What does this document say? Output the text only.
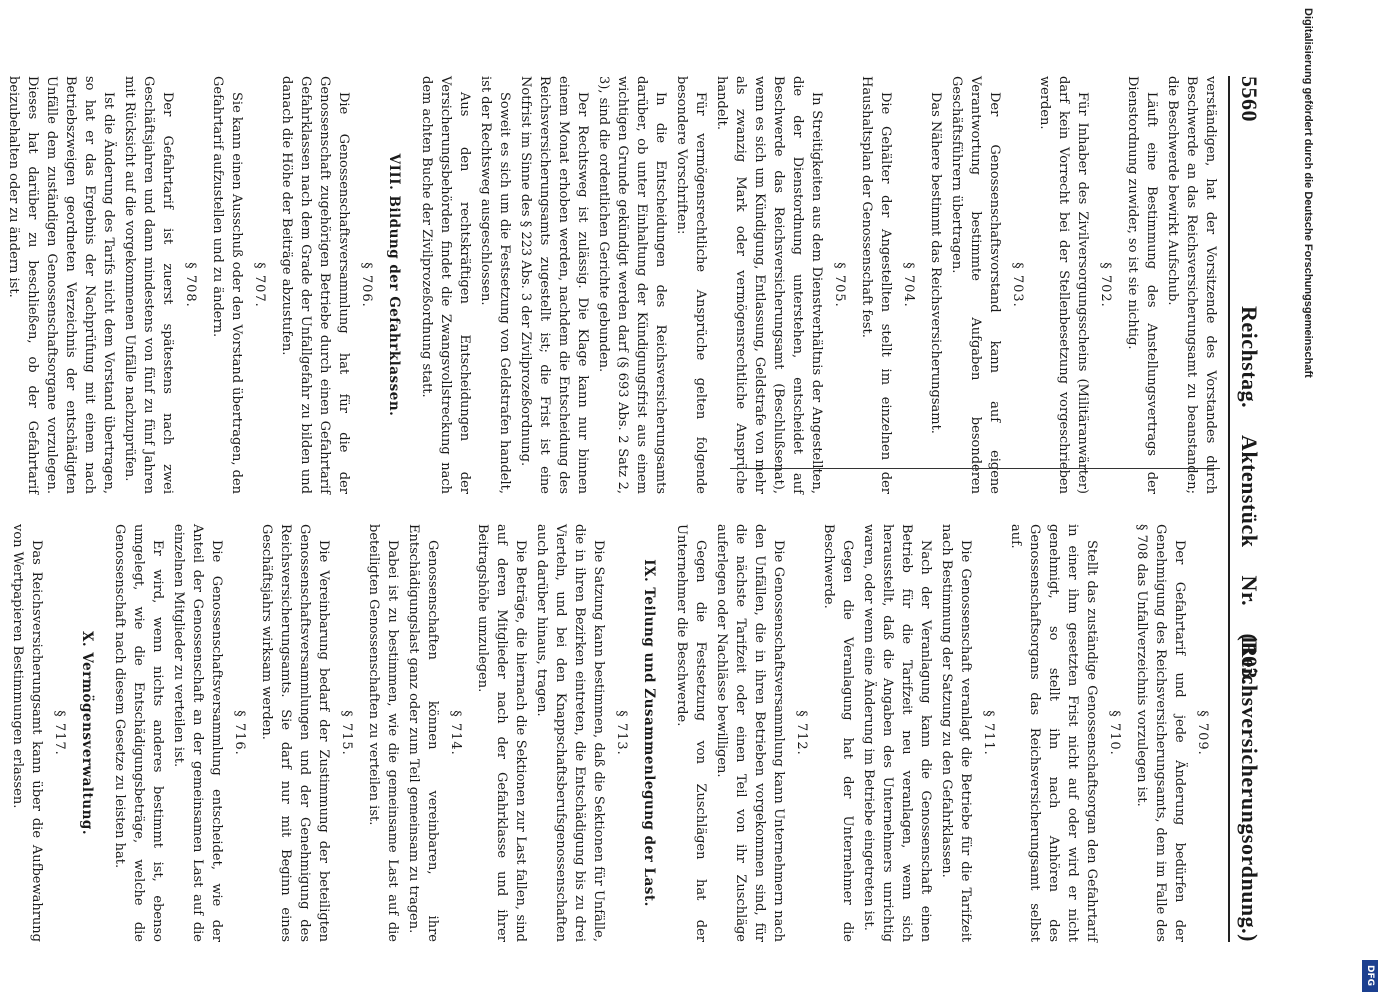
5560
Reichstag. Aktenstück Nr. 1103.
(Reichsversicherungsordnung.)

verständigen, hat der Vorsitzende des Vorstandes durch Beschwerde an das Reichsversicherungsamt zu beanstanden; die Beschwerde bewirkt Aufschub.

Läuft eine Bestimmung des Anstellungsvertrags der Dienstordnung zuwider, so ist sie nichtig.

§ 702.

Für Inhaber des Zivilversorgungsscheins (Militäranwärter) darf kein Vorrecht bei der Stellenbesetzung vorgeschrieben werden.

§ 703.

Der Genossenschaftsvorstand kann auf eigene Verantwortung bestimmte Aufgaben besonderen Geschäftsführern übertragen.

Das Nähere bestimmt das Reichsversicherungsamt.

§ 704.

Die Gehälter der Angestellten stellt im einzelnen der Haushaltsplan der Genossenschaft fest.

§ 705.

In Streitigkeiten aus dem Dienstverhältnis der Angestellten, die der Dienstordnung unterstehen, entscheidet auf Beschwerde das Reichsversicherungsamt (Beschlußsenat), wenn es sich um Kündigung, Entlassung, Geldstrafe von mehr als zwanzig Mark oder vermögensrechtliche Ansprüche handelt.

Für vermögensrechtliche Ansprüche gelten folgende besondere Vorschriften:

In die Entscheidungen des Reichsversicherungsamts darüber, ob unter Einhaltung der Kündigungsfrist aus einem wichtigen Grunde gekündigt werden darf (§ 693 Abs. 2 Satz 2, 3), sind die ordentlichen Gerichte gebunden.

Der Rechtsweg ist zulässig. Die Klage kann nur binnen einem Monat erhoben werden, nachdem die Entscheidung des Reichsversicherungsamts zugestellt ist; die Frist ist eine Notfrist im Sinne des § 223 Abs. 3 der Zivilprozeßordnung.

Soweit es sich um die Festsetzung von Geldstrafen handelt, ist der Rechtsweg ausgeschlossen.

Aus den rechtskräftigen Entscheidungen der Versicherungsbehörden findet die Zwangsvollstreckung nach dem achten Buche der Zivilprozeßordnung statt.

VIII. Bildung der Gefahrklassen.
§ 706.

Die Genossenschaftsversammlung hat für die der Genossenschaft zugehörigen Betriebe durch einen Gefahrtarif Gefahrklassen nach dem Grade der Unfallgefahr zu bilden und danach die Höhe der Beiträge abzustufen.

§ 707.

Sie kann einen Ausschuß oder den Vorstand übertragen, den Gefahrtarif aufzustellen und zu ändern.

§ 708.

Der Gefahrtarif ist zuerst spätestens nach zwei Geschäftsjahren und dann mindestens von fünf zu fünf Jahren mit Rücksicht auf die vorgekommenen Unfälle nachzuprüfen.

Ist die Änderung des Tarifs nicht dem Vorstand übertragen, so hat er das Ergebnis der Nachprüfung mit einem nach Betriebszweigen geordneten Verzeichnis der entschädigten Unfälle dem zuständigen Genossenschaftsorgane vorzulegen. Dieses hat darüber zu beschließen, ob der Gefahrtarif beizubehalten oder zu ändern ist.

§ 709.

Der Gefahrtarif und jede Änderung bedürfen der Genehmigung des Reichsversicherungsamts, dem im Falle des § 708 das Unfallverzeichnis vorzulegen ist.

§ 710.

Stellt das zuständige Genossenschaftsorgan den Gefahrtarif in einer ihm gesetzten Frist nicht auf oder wird er nicht genehmigt, so stellt ihn nach Anhören des Genossenschaftsorgans das Reichsversicherungsamt selbst auf.

§ 711.

Die Genossenschaft veranlagt die Betriebe für die Tarifzeit nach Bestimmung der Satzung zu den Gefahrklassen.

Nach der Veranlagung kann die Genossenschaft einen Betrieb für die Tarifzeit neu veranlagen, wenn sich herausstellt, daß die Angaben des Unternehmers unrichtig waren, oder wenn eine Änderung im Betriebe eingetreten ist.

Gegen die Veranlagung hat der Unternehmer die Beschwerde.

§ 712.

Die Genossenschaftsversammlung kann Unternehmern nach den Unfällen, die in ihren Betrieben vorgekommen sind, für die nächste Tarifzeit oder einen Teil von ihr Zuschläge auferlegen oder Nachlässe bewilligen.

Gegen die Festsetzung von Zuschlägen hat der Unternehmer die Beschwerde.

IX. Teilung und Zusammenlegung der Last.
§ 713.

Die Satzung kann bestimmen, daß die Sektionen für Unfälle, die in ihren Bezirken eintreten, die Entschädigung bis zu drei Vierteln, und bei den Knappschaftsberufsgenossenschaften auch darüber hinaus, tragen.

Die Beträge, die hiernach die Sektionen zur Last fallen, sind auf deren Mitglieder nach der Gefahrklasse und ihrer Beitragshöhe umzulegen.

§ 714.

Genossenschaften können vereinbaren, ihre Entschädigungslast ganz oder zum Teil gemeinsam zu tragen.

Dabei ist zu bestimmen, wie die gemeinsame Last auf die beteiligten Genossenschaften zu verteilen ist.

§ 715.

Die Vereinbarung bedarf der Zustimmung der beteiligten Genossenschaftsversammlungen und der Genehmigung des Reichsversicherungsamts. Sie darf nur mit Beginn eines Geschäftsjahrs wirksam werden.

§ 716.

Die Genossenschaftsversammlung entscheidet, wie der Anteil der Genossenschaft an der gemeinsamen Last auf die einzelnen Mitglieder zu verteilen ist.

Er wird, wenn nichts anderes bestimmt ist, ebenso umgelegt, wie die Entschädigungsbeträge, welche die Genossenschaft nach diesem Gesetze zu leisten hat.

X. Vermögensverwaltung.
§ 717.

Das Reichsversicherungsamt kann über die Aufbewahrung von Wertpapieren Bestimmungen erlassen.

Digitalisierung gefördert durch die Deutsche Forschungsgemeinschaft
DFG
